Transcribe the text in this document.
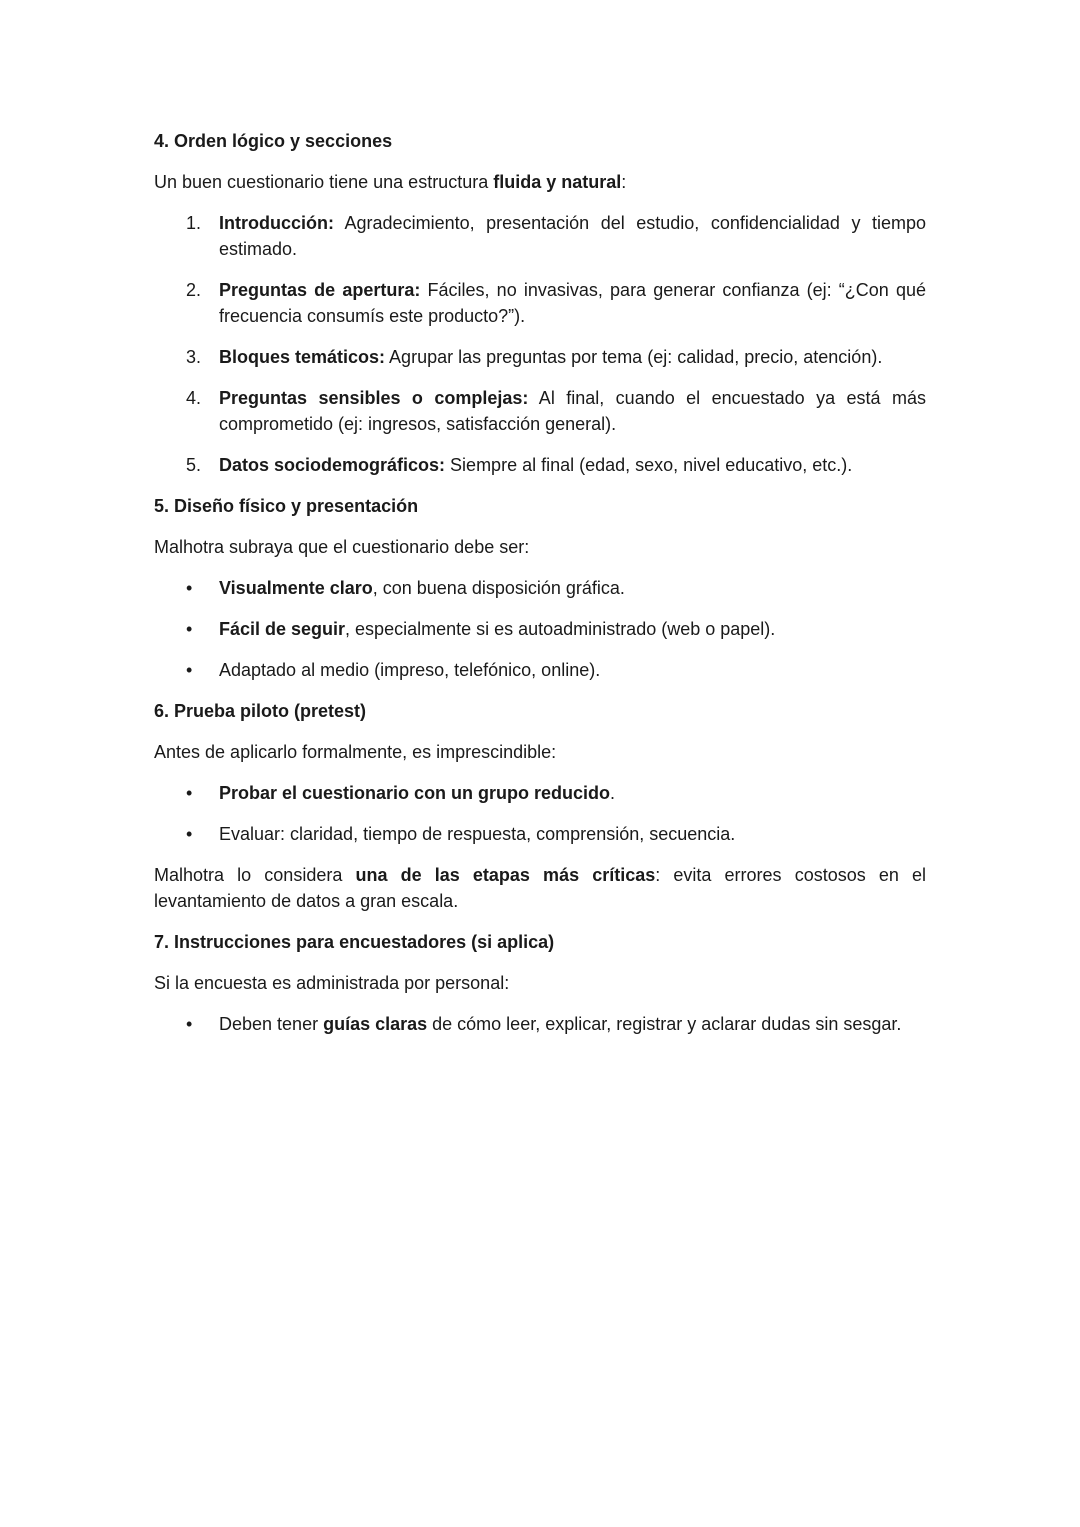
4. Orden lógico y secciones

Un buen cuestionario tiene una estructura fluida y natural:

1. Introducción: Agradecimiento, presentación del estudio, confidencialidad y tiempo estimado.
2. Preguntas de apertura: Fáciles, no invasivas, para generar confianza (ej: “¿Con qué frecuencia consumís este producto?”).
3. Bloques temáticos: Agrupar las preguntas por tema (ej: calidad, precio, atención).
4. Preguntas sensibles o complejas: Al final, cuando el encuestado ya está más comprometido (ej: ingresos, satisfacción general).
5. Datos sociodemográficos: Siempre al final (edad, sexo, nivel educativo, etc.).
5. Diseño físico y presentación

Malhotra subraya que el cuestionario debe ser:

• Visualmente claro, con buena disposición gráfica.
• Fácil de seguir, especialmente si es autoadministrado (web o papel).
• Adaptado al medio (impreso, telefónico, online).
6. Prueba piloto (pretest)

Antes de aplicarlo formalmente, es imprescindible:

• Probar el cuestionario con un grupo reducido.
• Evaluar: claridad, tiempo de respuesta, comprensión, secuencia.

Malhotra lo considera una de las etapas más críticas: evita errores costosos en el levantamiento de datos a gran escala.

7. Instrucciones para encuestadores (si aplica)

Si la encuesta es administrada por personal:

• Deben tener guías claras de cómo leer, explicar, registrar y aclarar dudas sin sesgar.
